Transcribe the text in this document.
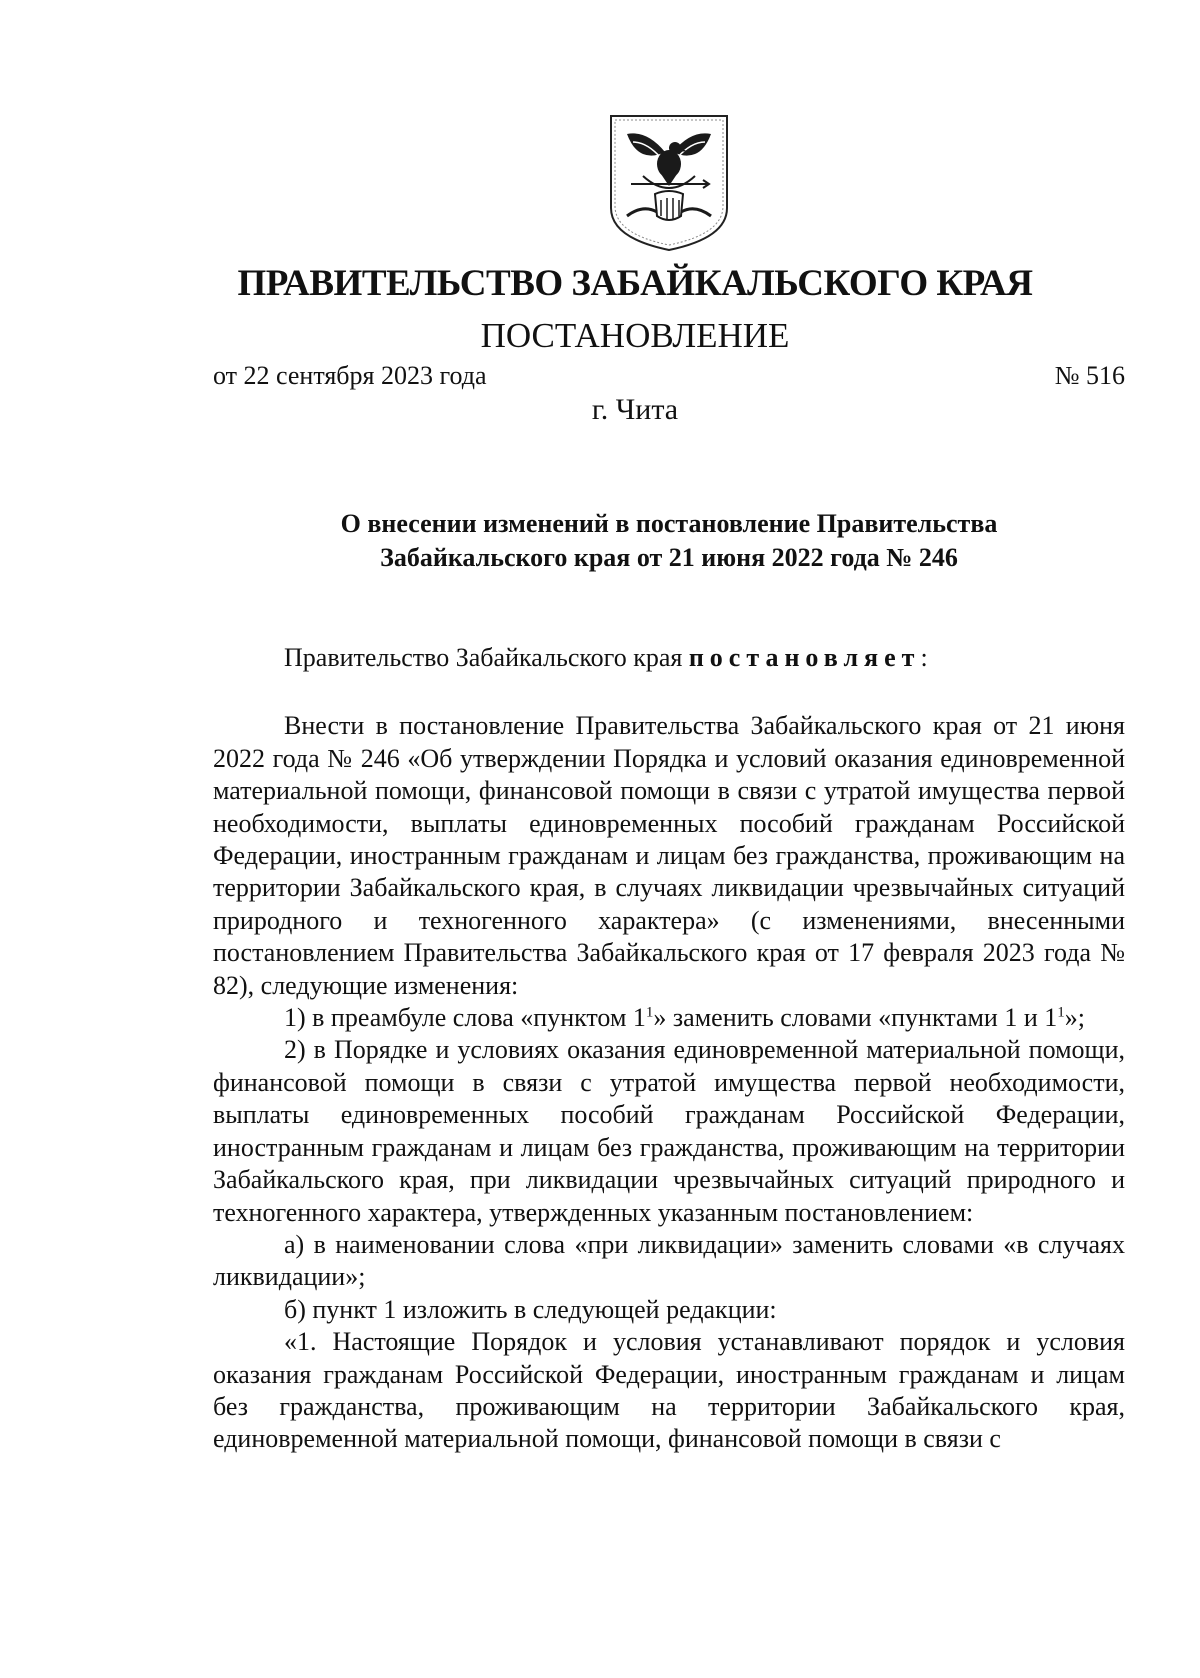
ПРАВИТЕЛЬСТВО ЗАБАЙКАЛЬСКОГО КРАЯ
ПОСТАНОВЛЕНИЕ
от 22 сентября 2023 года	№ 516
г. Чита
О внесении изменений в постановление Правительства
Забайкальского края от 21 июня 2022 года № 246

Правительство Забайкальского края постановляет:

Внести в постановление Правительства Забайкальского края от 21 июня 2022 года № 246 «Об утверждении Порядка и условий оказания единовременной материальной помощи, финансовой помощи в связи с утратой имущества первой необходимости, выплаты единовременных пособий гражданам Российской Федерации, иностранным гражданам и лицам без гражданства, проживающим на территории Забайкальского края, в случаях ликвидации чрезвычайных ситуаций природного и техногенного характера» (с изменениями, внесенными постановлением Правительства Забайкальского края от 17 февраля 2023 года № 82), следующие изменения:

1) в преамбуле слова «пунктом $1^1$» заменить словами «пунктами 1 и $1^1$»;

2) в Порядке и условиях оказания единовременной материальной помощи, финансовой помощи в связи с утратой имущества первой необходимости, выплаты единовременных пособий гражданам Российской Федерации, иностранным гражданам и лицам без гражданства, проживающим на территории Забайкальского края, при ликвидации чрезвычайных ситуаций природного и техногенного характера, утвержденных указанным постановлением:

а) в наименовании слова «при ликвидации» заменить словами «в случаях ликвидации»;

б) пункт 1 изложить в следующей редакции:

«1. Настоящие Порядок и условия устанавливают порядок и условия оказания гражданам Российской Федерации, иностранным гражданам и лицам без гражданства, проживающим на территории Забайкальского края, единовременной материальной помощи, финансовой помощи в связи с
